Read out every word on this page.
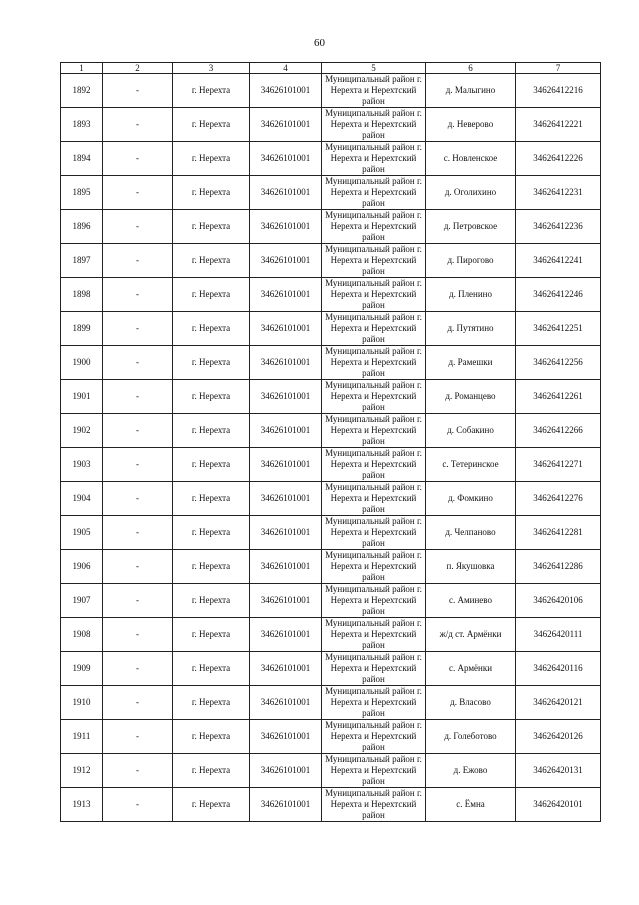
60
1	2	3	4	5	6	7
1892	-	г. Нерехта	34626101001	Муниципальный район г. Нерехта и Нерехтский район	д. Малыгино	34626412216
1893	-	г. Нерехта	34626101001	Муниципальный район г. Нерехта и Нерехтский район	д. Неверово	34626412221
1894	-	г. Нерехта	34626101001	Муниципальный район г. Нерехта и Нерехтский район	с. Новленское	34626412226
1895	-	г. Нерехта	34626101001	Муниципальный район г. Нерехта и Нерехтский район	д. Оголихино	34626412231
1896	-	г. Нерехта	34626101001	Муниципальный район г. Нерехта и Нерехтский район	д. Петровское	34626412236
1897	-	г. Нерехта	34626101001	Муниципальный район г. Нерехта и Нерехтский район	д. Пирогово	34626412241
1898	-	г. Нерехта	34626101001	Муниципальный район г. Нерехта и Нерехтский район	д. Пленино	34626412246
1899	-	г. Нерехта	34626101001	Муниципальный район г. Нерехта и Нерехтский район	д. Путятино	34626412251
1900	-	г. Нерехта	34626101001	Муниципальный район г. Нерехта и Нерехтский район	д. Рамешки	34626412256
1901	-	г. Нерехта	34626101001	Муниципальный район г. Нерехта и Нерехтский район	д. Романцево	34626412261
1902	-	г. Нерехта	34626101001	Муниципальный район г. Нерехта и Нерехтский район	д. Собакино	34626412266
1903	-	г. Нерехта	34626101001	Муниципальный район г. Нерехта и Нерехтский район	с. Тетеринское	34626412271
1904	-	г. Нерехта	34626101001	Муниципальный район г. Нерехта и Нерехтский район	д. Фомкино	34626412276
1905	-	г. Нерехта	34626101001	Муниципальный район г. Нерехта и Нерехтский район	д. Челпаново	34626412281
1906	-	г. Нерехта	34626101001	Муниципальный район г. Нерехта и Нерехтский район	п. Якушовка	34626412286
1907	-	г. Нерехта	34626101001	Муниципальный район г. Нерехта и Нерехтский район	с. Аминево	34626420106
1908	-	г. Нерехта	34626101001	Муниципальный район г. Нерехта и Нерехтский район	ж/д ст. Армёнки	34626420111
1909	-	г. Нерехта	34626101001	Муниципальный район г. Нерехта и Нерехтский район	с. Армёнки	34626420116
1910	-	г. Нерехта	34626101001	Муниципальный район г. Нерехта и Нерехтский район	д. Власово	34626420121
1911	-	г. Нерехта	34626101001	Муниципальный район г. Нерехта и Нерехтский район	д. Голеботово	34626420126
1912	-	г. Нерехта	34626101001	Муниципальный район г. Нерехта и Нерехтский район	д. Ежово	34626420131
1913	-	г. Нерехта	34626101001	Муниципальный район г. Нерехта и Нерехтский район	с. Ёмна	34626420101
